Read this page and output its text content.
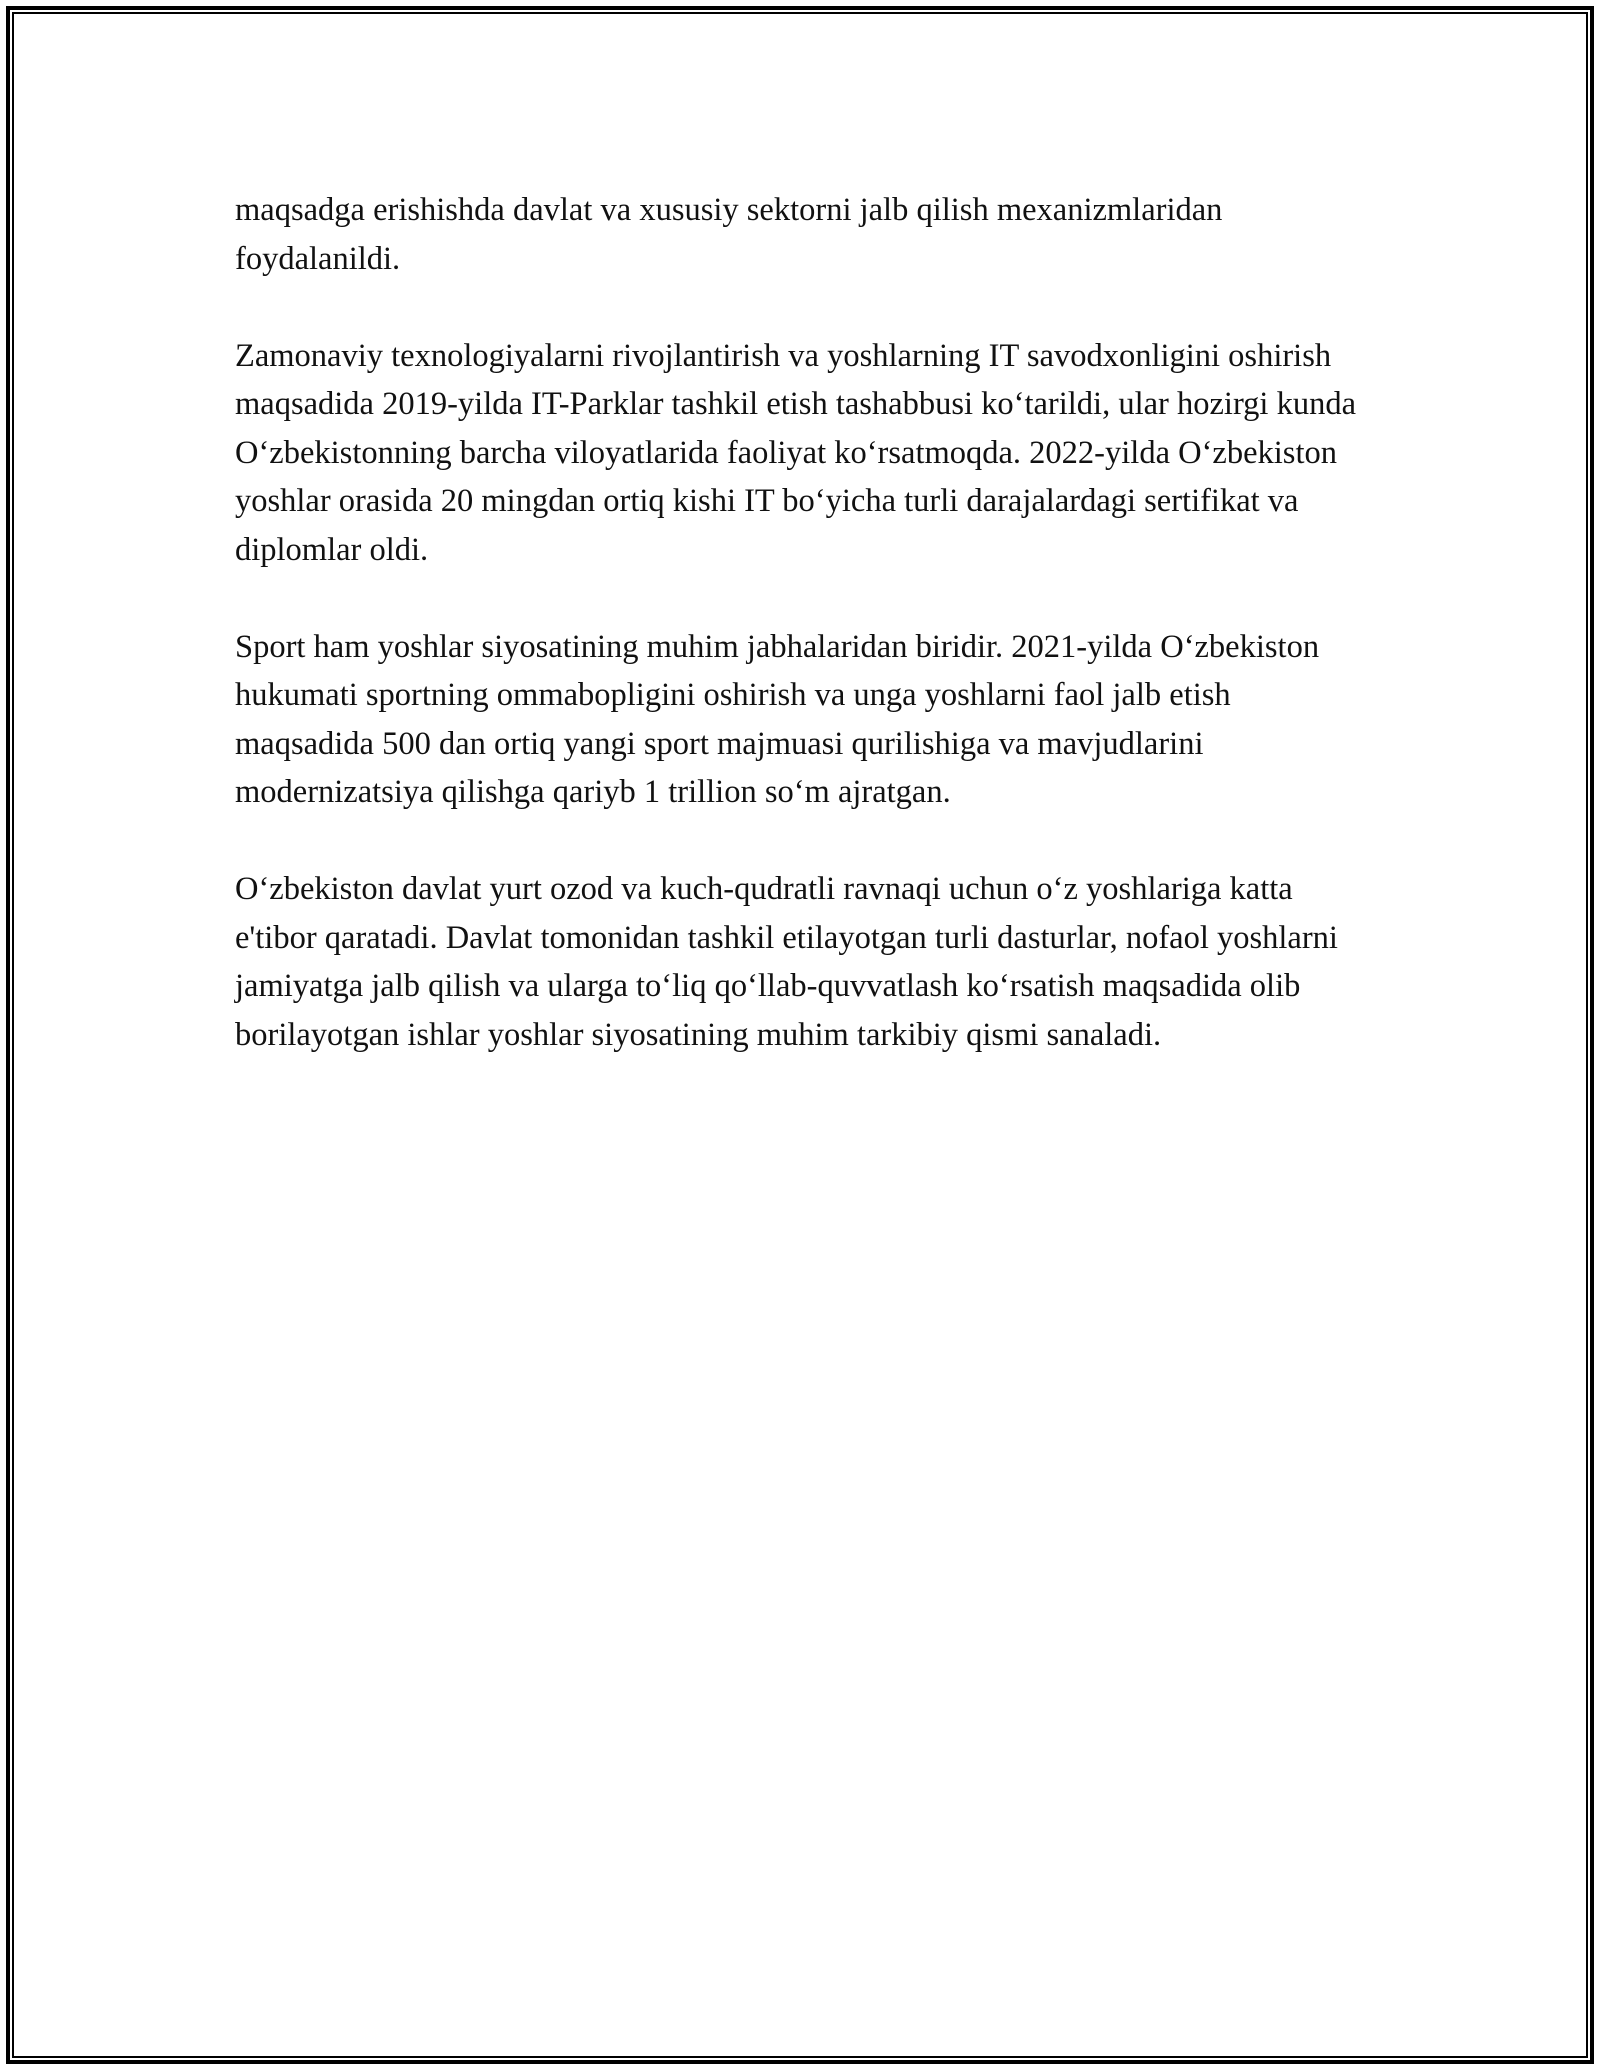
maqsadga erishishda davlat va xususiy sektorni jalb qilish mexanizmlaridan foydalanildi.

Zamonaviy texnologiyalarni rivojlantirish va yoshlarning IT savodxonligini oshirish maqsadida 2019-yilda IT-Parklar tashkil etish tashabbusi ko‘tarildi, ular hozirgi kunda O‘zbekistonning barcha viloyatlarida faoliyat ko‘rsatmoqda. 2022-yilda O‘zbekiston yoshlar orasida 20 mingdan ortiq kishi IT bo‘yicha turli darajalardagi sertifikat va diplomlar oldi.

Sport ham yoshlar siyosatining muhim jabhalaridan biridir. 2021-yilda O‘zbekiston hukumati sportning ommabopligini oshirish va unga yoshlarni faol jalb etish maqsadida 500 dan ortiq yangi sport majmuasi qurilishiga va mavjudlarini modernizatsiya qilishga qariyb 1 trillion so‘m ajratgan.

O‘zbekiston davlat yurt ozod va kuch-qudratli ravnaqi uchun o‘z yoshlariga katta e'tibor qaratadi. Davlat tomonidan tashkil etilayotgan turli dasturlar, nofaol yoshlarni jamiyatga jalb qilish va ularga to‘liq qo‘llab-quvvatlash ko‘rsatish maqsadida olib borilayotgan ishlar yoshlar siyosatining muhim tarkibiy qismi sanaladi.
